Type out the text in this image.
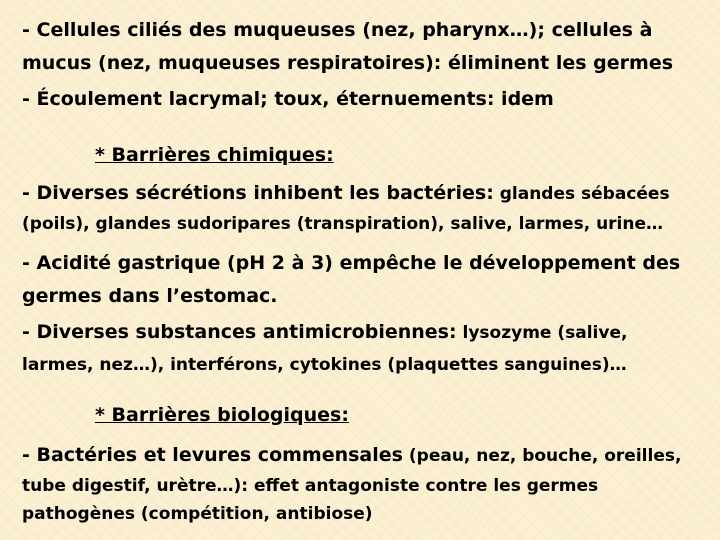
- Cellules ciliés des muqueuses (nez, pharynx…); cellules à
mucus (nez, muqueuses respiratoires): éliminent les germes
- Écoulement lacrymal; toux, éternuements: idem
* Barrières chimiques:
- Diverses sécrétions inhibent les bactéries: glandes sébacées
(poils), glandes sudoripares (transpiration), salive, larmes, urine…
- Acidité gastrique (pH 2 à 3) empêche le développement des
germes dans l’estomac.
- Diverses substances antimicrobiennes: lysozyme (salive,
larmes, nez…), interférons, cytokines (plaquettes sanguines)…
* Barrières biologiques:
- Bactéries et levures commensales (peau, nez, bouche, oreilles,
tube digestif, urètre…): effet antagoniste contre les germes
pathogènes (compétition, antibiose)
